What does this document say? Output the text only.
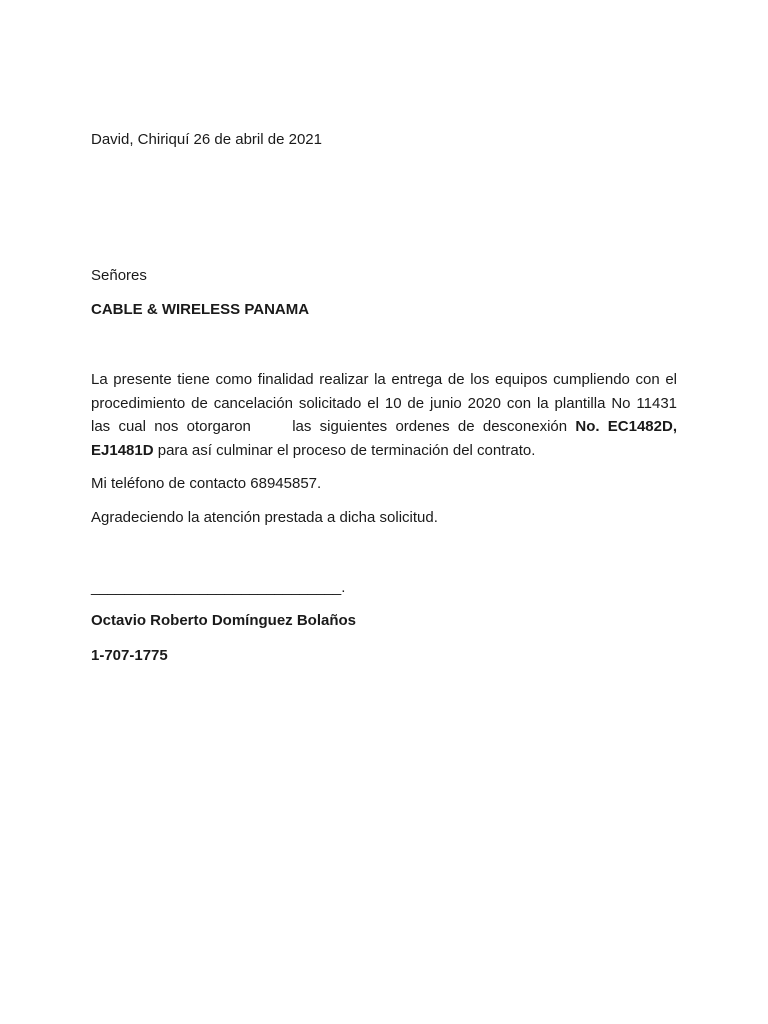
David, Chiriquí 26 de abril de 2021
Señores
CABLE & WIRELESS PANAMA
La presente tiene como finalidad realizar la entrega de los equipos cumpliendo con el procedimiento de cancelación solicitado el 10 de junio 2020 con la plantilla No 11431 las cual nos otorgaron     las siguientes ordenes de desconexión No. EC1482D, EJ1481D para así culminar el proceso de terminación del contrato.
Mi teléfono de contacto 68945857.
Agradeciendo la atención prestada a dicha solicitud.
______________________________.
Octavio Roberto Domínguez Bolaños
1-707-1775
